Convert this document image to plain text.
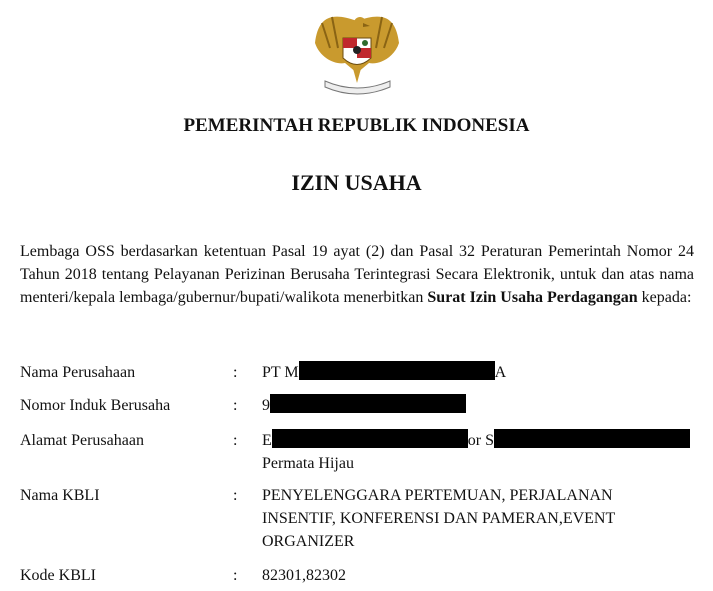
PEMERINTAH REPUBLIK INDONESIA
IZIN USAHA
Lembaga OSS berdasarkan ketentuan Pasal 19 ayat (2) dan Pasal 32 Peraturan Pemerintah Nomor 24 Tahun 2018 tentang Pelayanan Perizinan Berusaha Terintegrasi Secara Elektronik, untuk dan atas nama menteri/kepala lembaga/gubernur/bupati/walikota menerbitkan Surat Izin Usaha Perdagangan kepada:
Nama Perusahaan	: PT M	A
Nomor Induk Berusaha	: 9
Alamat Perusahaan	: E	or S
Permata Hijau
Nama KBLI	: PENYELENGGARA PERTEMUAN, PERJALANAN INSENTIF, KONFERENSI DAN PAMERAN,EVENT ORGANIZER
Kode KBLI	: 82301,82302
